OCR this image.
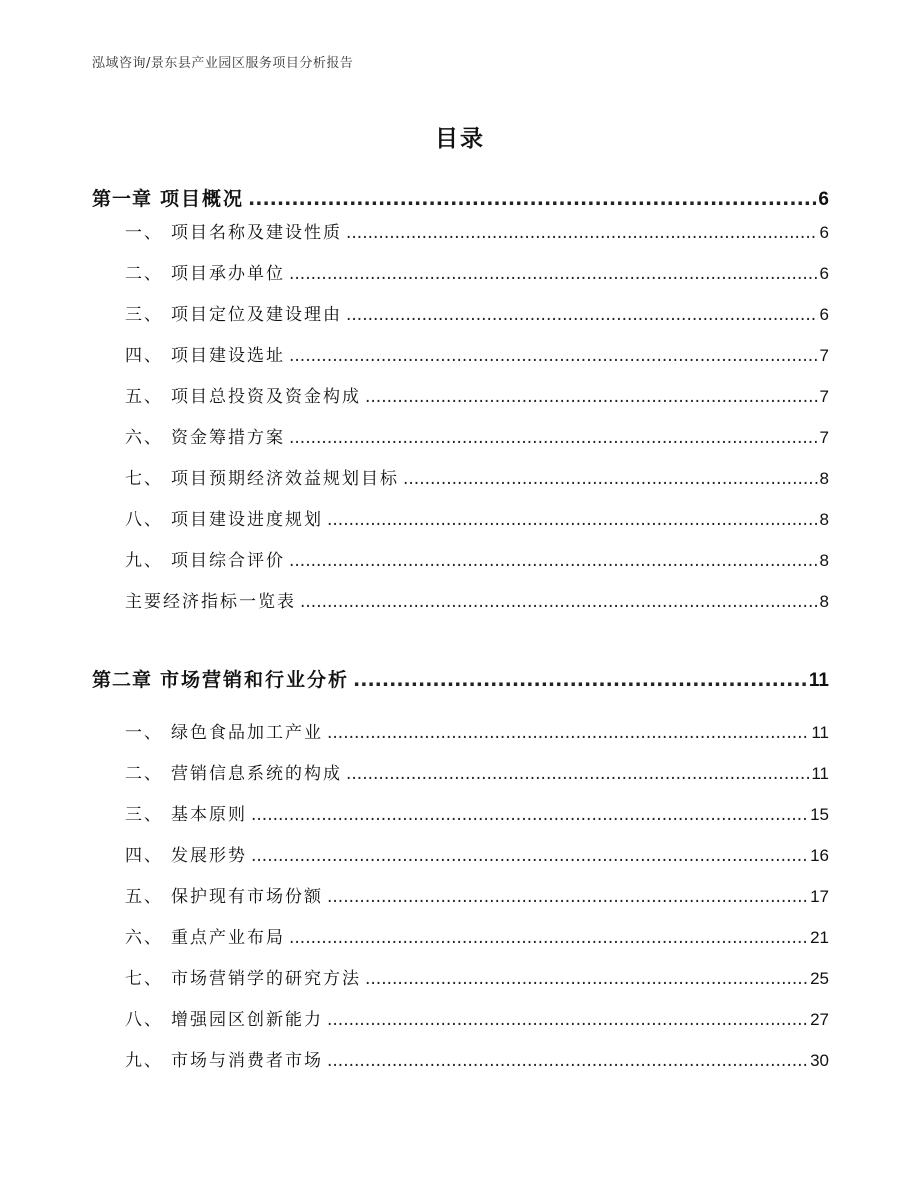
泓域咨询/景东县产业园区服务项目分析报告
目录
第一章 项目概况 .....	6
一、 项目名称及建设性质 .....	6
二、 项目承办单位 .....	6
三、 项目定位及建设理由 .....	6
四、 项目建设选址 .....	7
五、 项目总投资及资金构成 .....	7
六、 资金筹措方案 .....	7
七、 项目预期经济效益规划目标 .....	8
八、 项目建设进度规划 .....	8
九、 项目综合评价 .....	8
主要经济指标一览表 .....	8
第二章 市场营销和行业分析 .....	11
一、 绿色食品加工产业 .....	11
二、 营销信息系统的构成 .....	11
三、 基本原则 .....	15
四、 发展形势 .....	16
五、 保护现有市场份额 .....	17
六、 重点产业布局 .....	21
七、 市场营销学的研究方法 .....	25
八、 增强园区创新能力 .....	27
九、 市场与消费者市场 .....	30
